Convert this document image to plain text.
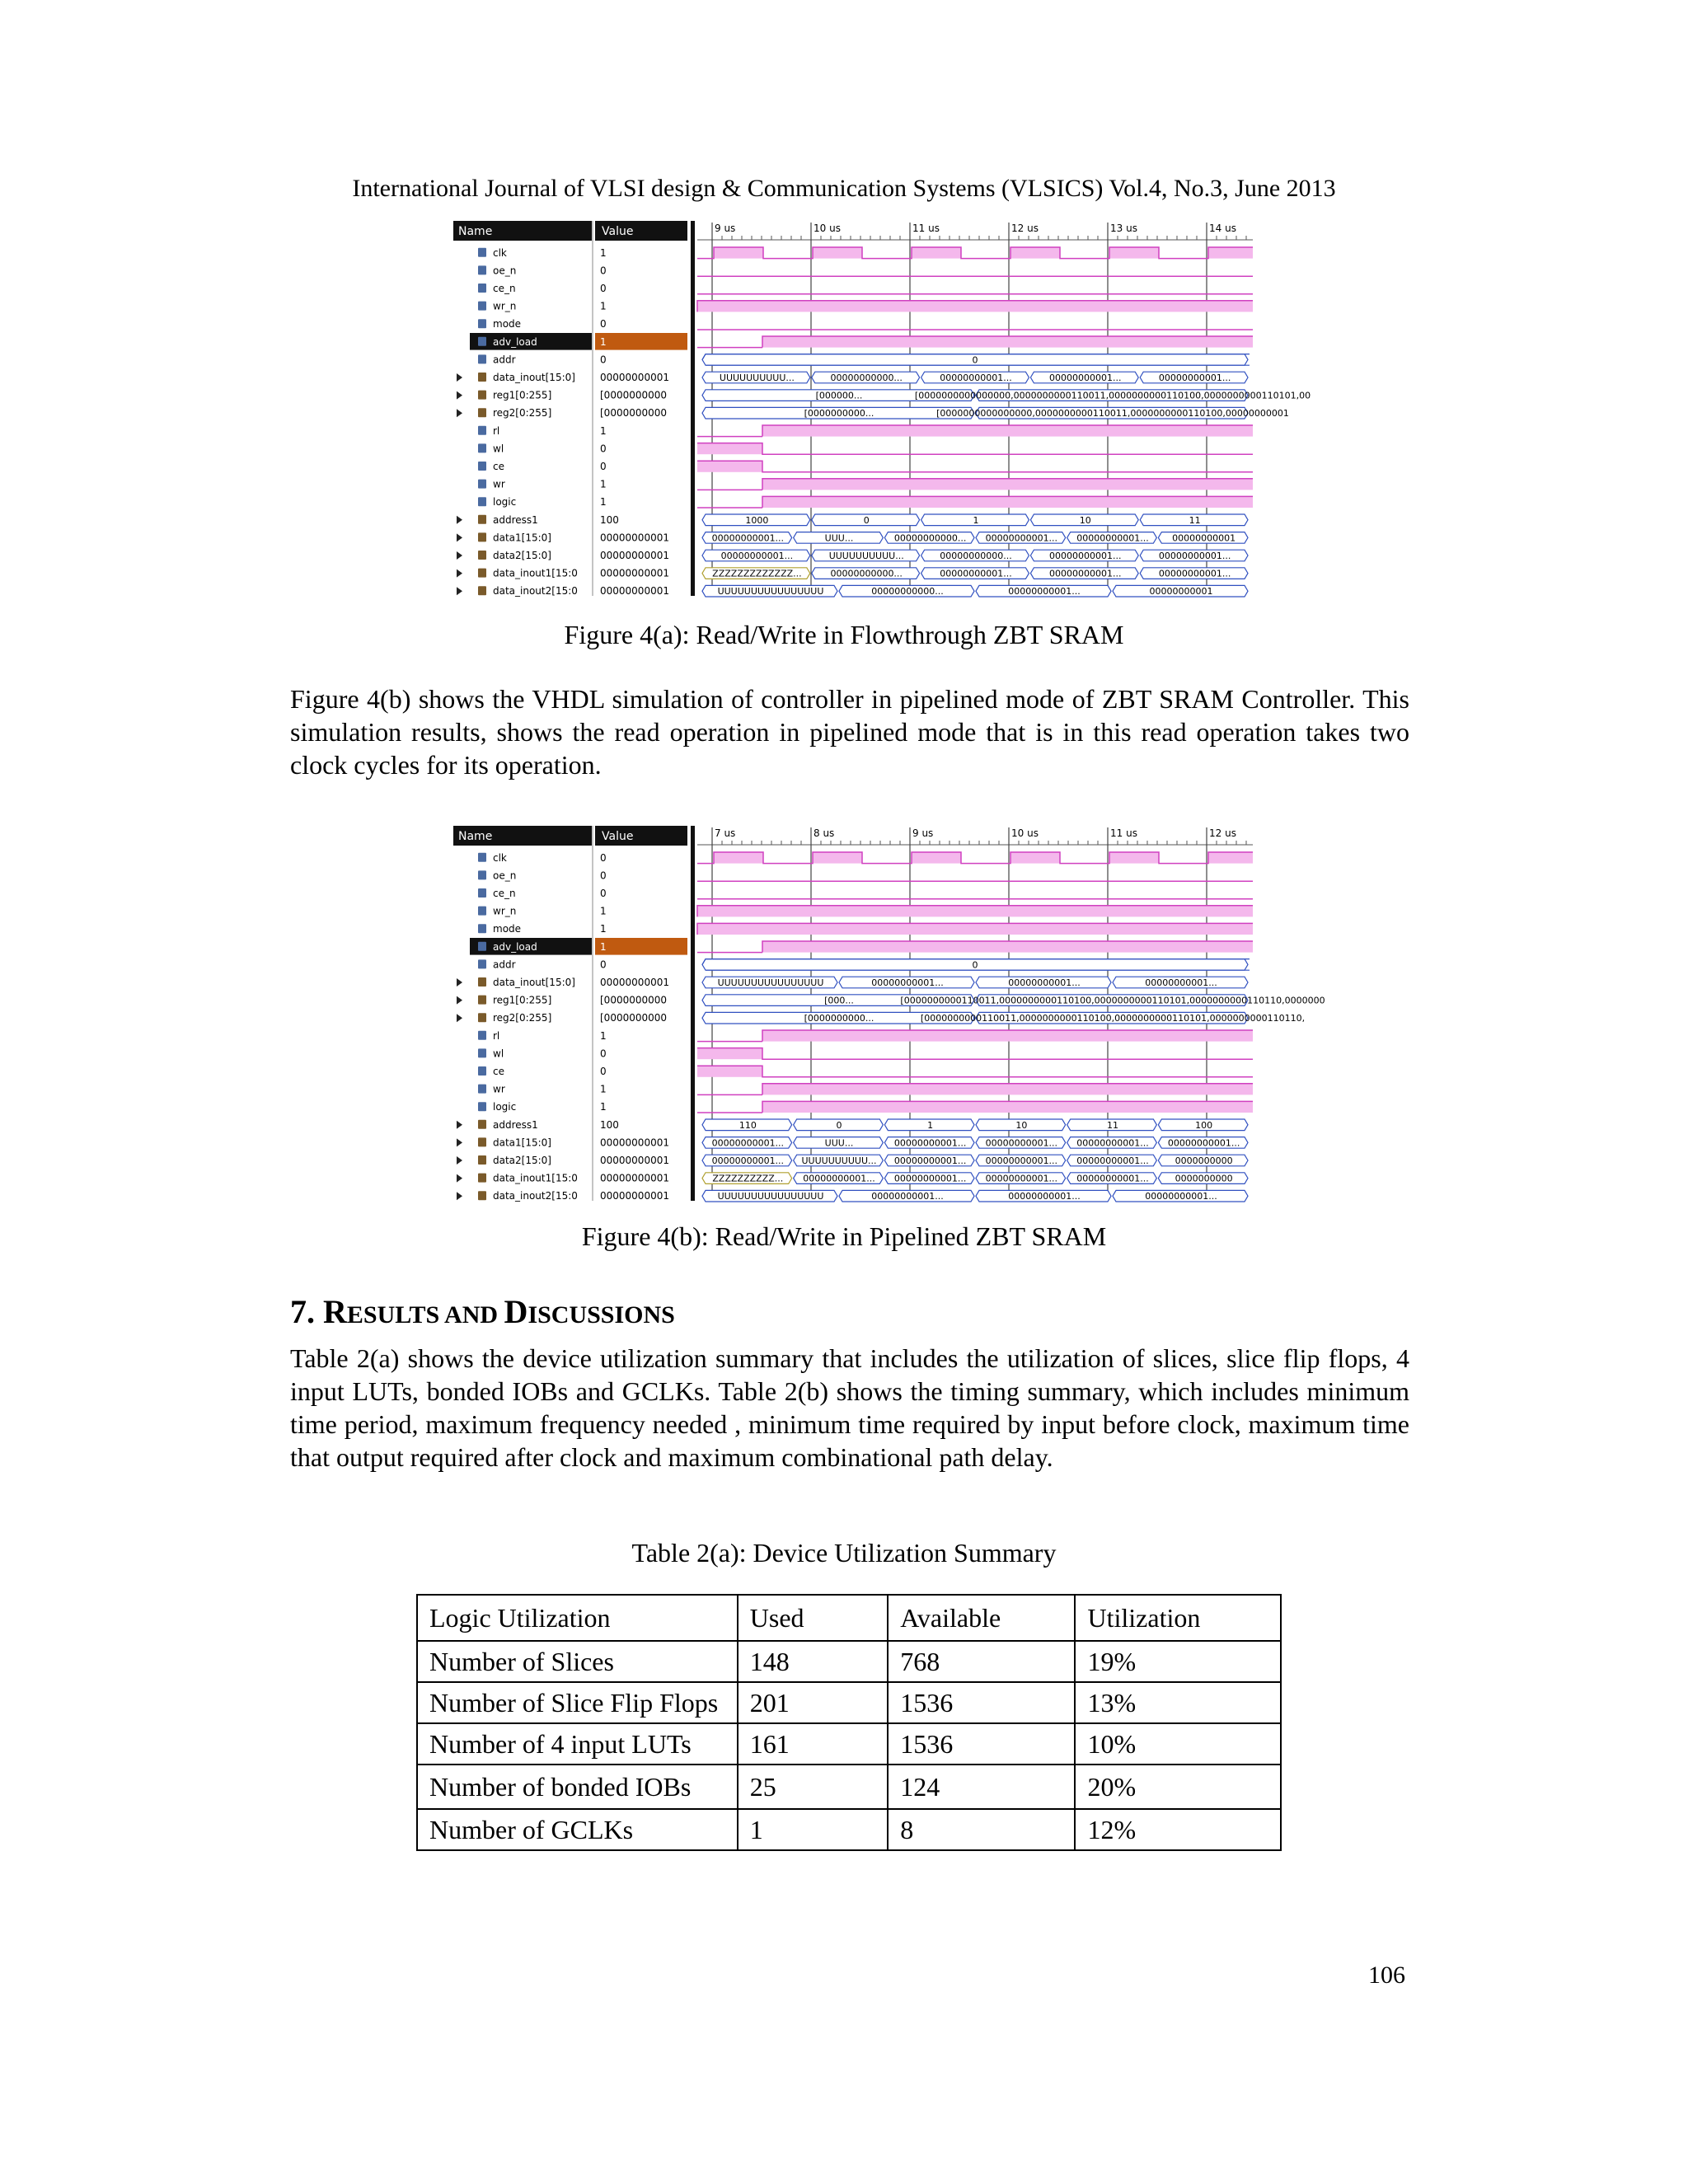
International Journal of VLSI design & Communication Systems (VLSICS) Vol.4, No.3, June 2013
Name	Value	9 us	10 us	11 us	12 us	13 us	14 us
clk	1
oe_n	0
ce_n	0
wr_n	1
mode	0
adv_load	1
addr	0	0
data_inout[15:0]	00000000001	UUUUUUUUUU...	00000000000...	00000000001...	00000000001...	00000000001...
reg1[0:255]	[0000000000	[000000...	[0000000000000000,0000000000110011,0000000000110100,0000000000110101,00
reg2[0:255]	[0000000000	[0000000000...	[0000000000000000,0000000000110011,0000000000110100,00000000001
rl	1
wl	0
ce	0
wr	1
logic	1
address1	100	1000	0	1	10	11
data1[15:0]	00000000001	00000000001...	UUU...	00000000000... 00000000001... 00000000001...	00000000001
data2[15:0]	00000000001	00000000001...	UUUUUUUUUU...	00000000000...	00000000001...	00000000001...
data_inout1[15:0 00000000001	ZZZZZZZZZZZZZ...	00000000000...	00000000001...	00000000001...	00000000001...
data_inout2[15:0 00000000001	UUUUUUUUUUUUUUUU	00000000000...	00000000001...	00000000001
Figure 4(a): Read/Write in Flowthrough ZBT SRAM
Figure 4(b) shows the VHDL simulation of controller in pipelined mode of ZBT SRAM Controller. This simulation results, shows the read operation in pipelined mode that is in this read operation takes two clock cycles for its operation.
Name	Value	7 us	8 us	9 us	10 us	11 us	12 us
clk	0
oe_n	0
ce_n	0
wr_n	1
mode	1
adv_load	1
addr	0	0
data_inout[15:0]	00000000001	UUUUUUUUUUUUUUUU	00000000001...	00000000001...	00000000001...
reg1[0:255]	[0000000000	[000...	[0000000000110011,0000000000110100,0000000000110101,0000000000110110,0000000
reg2[0:255]	[0000000000	[0000000000...	[0000000000110011,0000000000110100,0000000000110101,0000000000110110,
rl	1
wl	0
ce	0
wr	1
logic	1
address1	100	110	0	1	10	11	100
data1[15:0]	00000000001	00000000001...	UUU...	00000000001... 00000000001... 00000000001... 00000000001...
data2[15:0]	00000000001	00000000001... UUUUUUUUUU... 00000000001... 00000000001... 00000000001...	0000000000
data_inout1[15:0 00000000001	ZZZZZZZZZZ... 00000000001... 00000000001... 00000000001... 00000000001...	0000000000
data_inout2[15:0 00000000001	UUUUUUUUUUUUUUUU	00000000001...	00000000001...	00000000001...
Figure 4(b): Read/Write in Pipelined ZBT SRAM
7. RESULTS AND DISCUSSIONS
Table 2(a) shows the device utilization summary that includes the utilization of slices, slice flip flops, 4 input LUTs, bonded IOBs and GCLKs. Table 2(b) shows the timing summary, which includes minimum time period, maximum frequency needed , minimum time required by input before clock, maximum time that output required after clock and maximum combinational path delay.
Table 2(a): Device Utilization Summary
Logic Utilization	Used	Available	Utilization
Number of Slices	148	768	19%
Number of Slice Flip Flops	201	1536	13%
Number of 4 input LUTs	161	1536	10%
Number of bonded IOBs	25	124	20%
Number of GCLKs	1	8	12%
106
